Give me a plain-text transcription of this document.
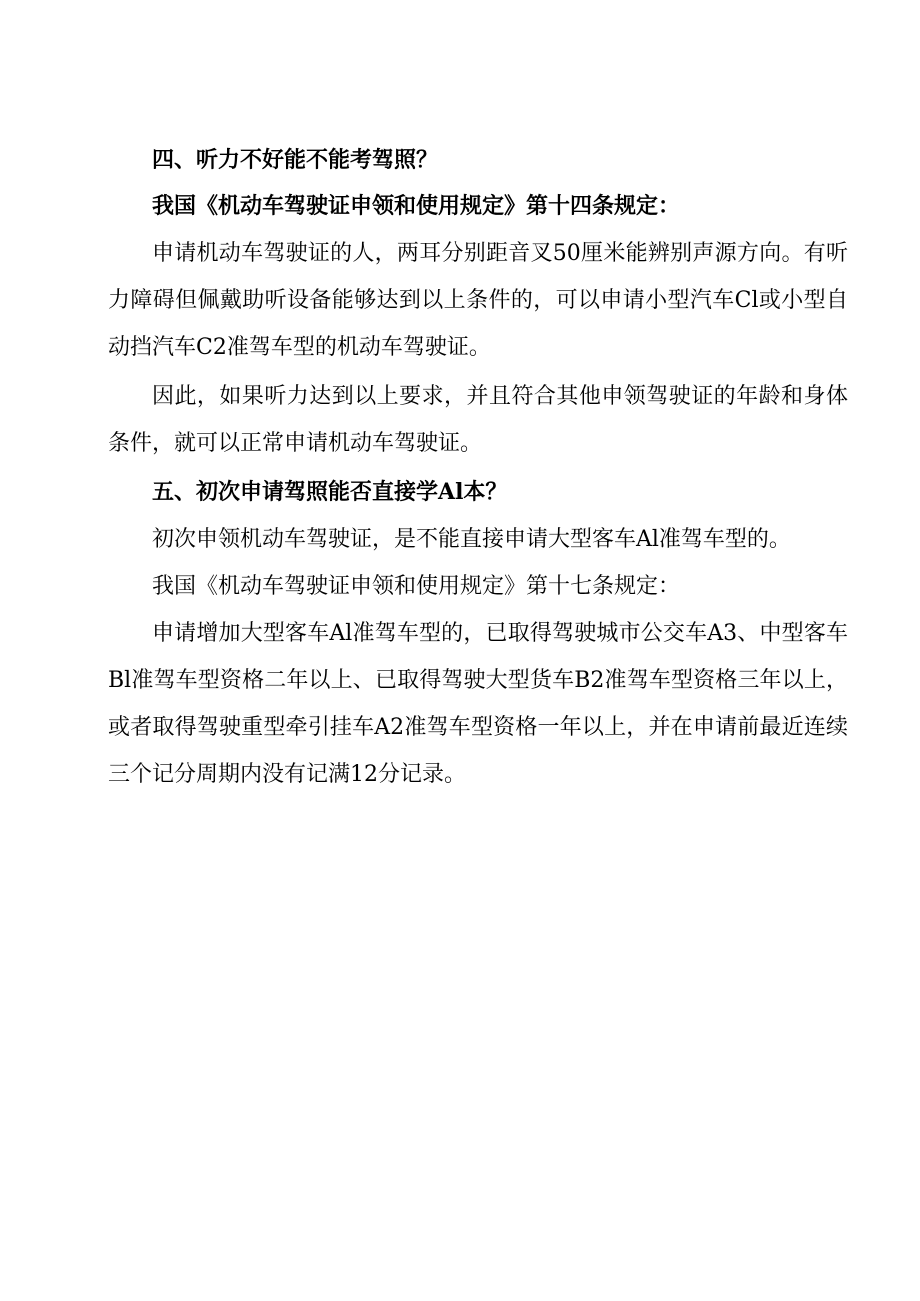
四、听力不好能不能考驾照？

我国《机动车驾驶证申领和使用规定》第十四条规定：

申请机动车驾驶证的人，两耳分别距音叉50厘米能辨别声源方向。有听力障碍但佩戴助听设备能够达到以上条件的，可以申请小型汽车Cl或小型自动挡汽车C2准驾车型的机动车驾驶证。

因此，如果听力达到以上要求，并且符合其他申领驾驶证的年龄和身体条件，就可以正常申请机动车驾驶证。

五、初次申请驾照能否直接学Al本？

初次申领机动车驾驶证，是不能直接申请大型客车Al准驾车型的。

我国《机动车驾驶证申领和使用规定》第十七条规定：

申请增加大型客车Al准驾车型的，已取得驾驶城市公交车A3、中型客车Bl准驾车型资格二年以上、已取得驾驶大型货车B2准驾车型资格三年以上，或者取得驾驶重型牵引挂车A2准驾车型资格一年以上，并在申请前最近连续三个记分周期内没有记满12分记录。
